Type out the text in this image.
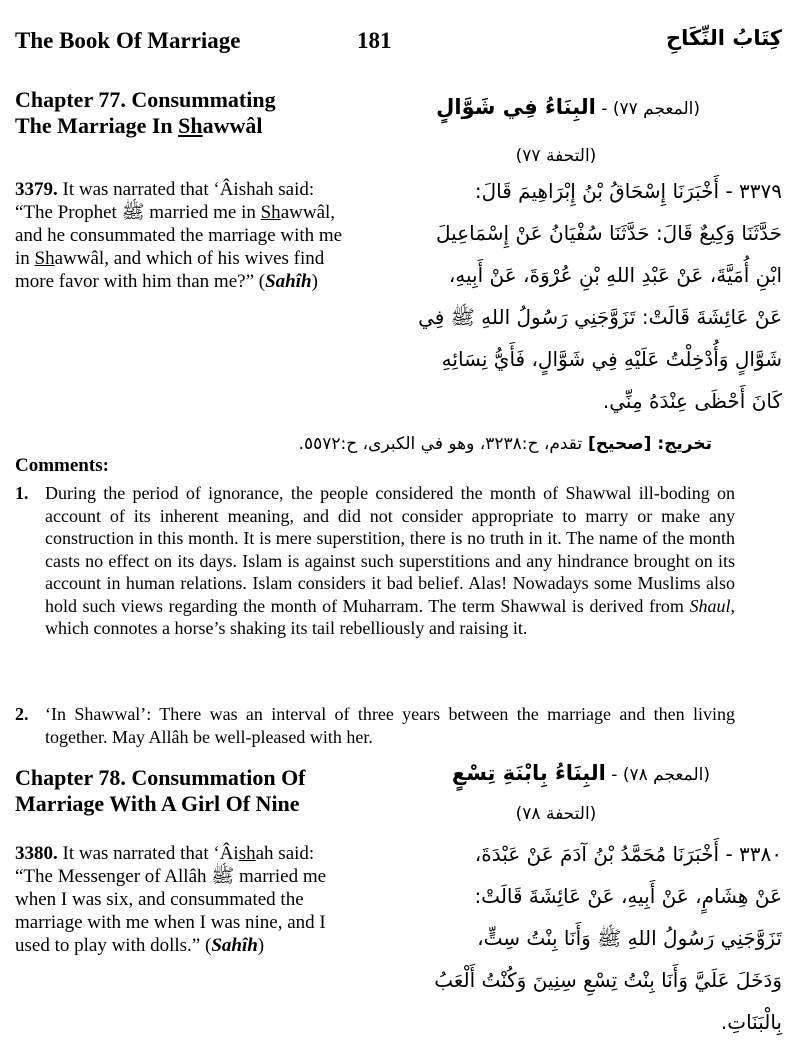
The Book Of Marriage	181	كِتَابُ النِّكَاحِ
Chapter 77. Consummating
The Marriage In Shawwâl
(المعجم ٧٧) - البِنَاءُ فِي شَوَّالٍ
(التحفة ٧٧)
3379. It was narrated that ‘Âishah said: “The Prophet ﷺ married me in Shawwâl, and he consummated the marriage with me in Shawwâl, and which of his wives find more favor with him than me?” (Sahîh)
٣٣٧٩ - أَخْبَرَنَا إِسْحَاقُ بْنُ إِبْرَاهِيمَ قَالَ:
حَدَّثَنَا وَكِيعٌ قَالَ: حَدَّثَنَا سُفْيَانُ عَنْ إِسْمَاعِيلَ
ابْنِ أُمَيَّةَ، عَنْ عَبْدِ اللهِ بْنِ عُرْوَةَ، عَنْ أَبِيهِ،
عَنْ عَائِشَةَ قَالَتْ: تَزَوَّجَنِي رَسُولُ اللهِ ﷺ فِي
شَوَّالٍ وَأُدْخِلْتُ عَلَيْهِ فِي شَوَّالٍ، فَأَيُّ نِسَائِهِ
كَانَ أَحْظَى عِنْدَهُ مِنِّي.
تخريج: [صحيح] تقدم، ح:٣٢٣٨، وهو في الكبرى، ح:٥٥٧٢.
Comments:
1. During the period of ignorance, the people considered the month of Shawwal ill-boding on account of its inherent meaning, and did not consider appropriate to marry or make any construction in this month. It is mere superstition, there is no truth in it. The name of the month casts no effect on its days. Islam is against such superstitions and any hindrance brought on its account in human relations. Islam considers it bad belief. Alas! Nowadays some Muslims also hold such views regarding the month of Muharram. The term Shawwal is derived from Shaul, which connotes a horse’s shaking its tail rebelliously and raising it.
2. ‘In Shawwal’: There was an interval of three years between the marriage and then living together. May Allâh be well-pleased with her.
Chapter 78. Consummation Of
Marriage With A Girl Of Nine
(المعجم ٧٨) - البِنَاءُ بِابْنَةِ تِسْعٍ
(التحفة ٧٨)
3380. It was narrated that ‘Âishah said: “The Messenger of Allâh ﷺ married me when I was six, and consummated the marriage with me when I was nine, and I used to play with dolls.” (Sahîh)
٣٣٨٠ - أَخْبَرَنَا مُحَمَّدُ بْنُ آدَمَ عَنْ عَبْدَةَ،
عَنْ هِشَامٍ، عَنْ أَبِيهِ، عَنْ عَائِشَةَ قَالَتْ:
تَزَوَّجَنِي رَسُولُ اللهِ ﷺ وَأَنَا بِنْتُ سِتٍّ،
وَدَخَلَ عَلَيَّ وَأَنَا بِنْتُ تِسْعِ سِنِينَ وَكُنْتُ أَلْعَبُ
بِالْبَنَاتِ.
